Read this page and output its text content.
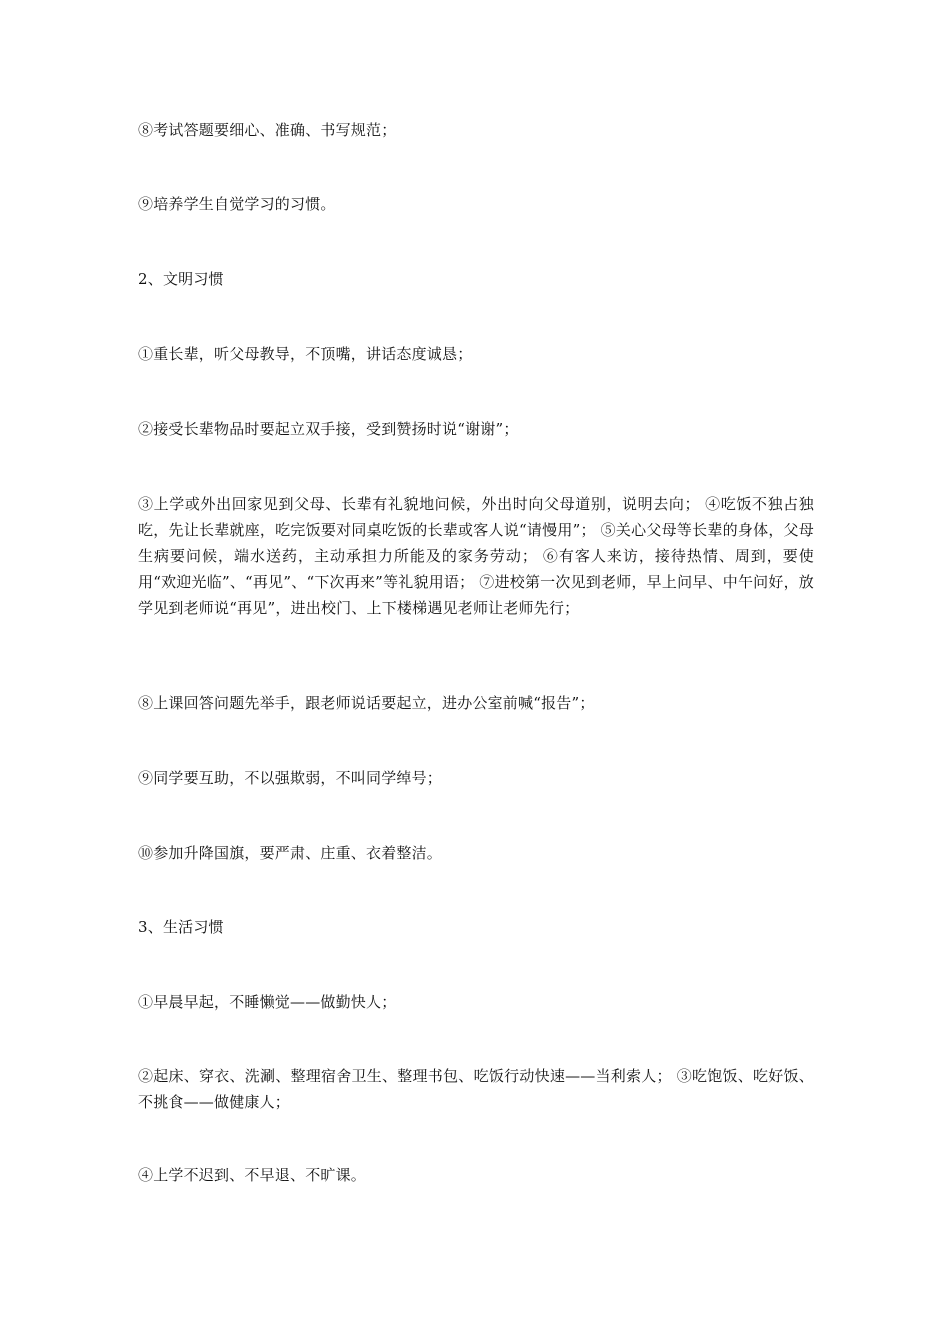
⑧考试答题要细心、准确、书写规范；

⑨培养学生自觉学习的习惯。

2、文明习惯

①重长辈，听父母教导，不顶嘴，讲话态度诚恳；

②接受长辈物品时要起立双手接，受到赞扬时说“谢谢”；

③上学或外出回家见到父母、长辈有礼貌地问候，外出时向父母道别，说明去向； ④吃饭不独占独吃，先让长辈就座，吃完饭要对同桌吃饭的长辈或客人说“请慢用”； ⑤关心父母等长辈的身体，父母生病要问候，端水送药，主动承担力所能及的家务劳动； ⑥有客人来访，接待热情、周到，要使用“欢迎光临”、“再见”、“下次再来”等礼貌用语； ⑦进校第一次见到老师，早上问早、中午问好，放学见到老师说“再见”，进出校门、上下楼梯遇见老师让老师先行；

⑧上课回答问题先举手，跟老师说话要起立，进办公室前喊“报告”；

⑨同学要互助，不以强欺弱，不叫同学绰号；

⑩参加升降国旗，要严肃、庄重、衣着整洁。

3、生活习惯

①早晨早起，不睡懒觉——做勤快人；

②起床、穿衣、洗涮、整理宿舍卫生、整理书包、吃饭行动快速——当利索人； ③吃饱饭、吃好饭、不挑食——做健康人；

④上学不迟到、不早退、不旷课。
